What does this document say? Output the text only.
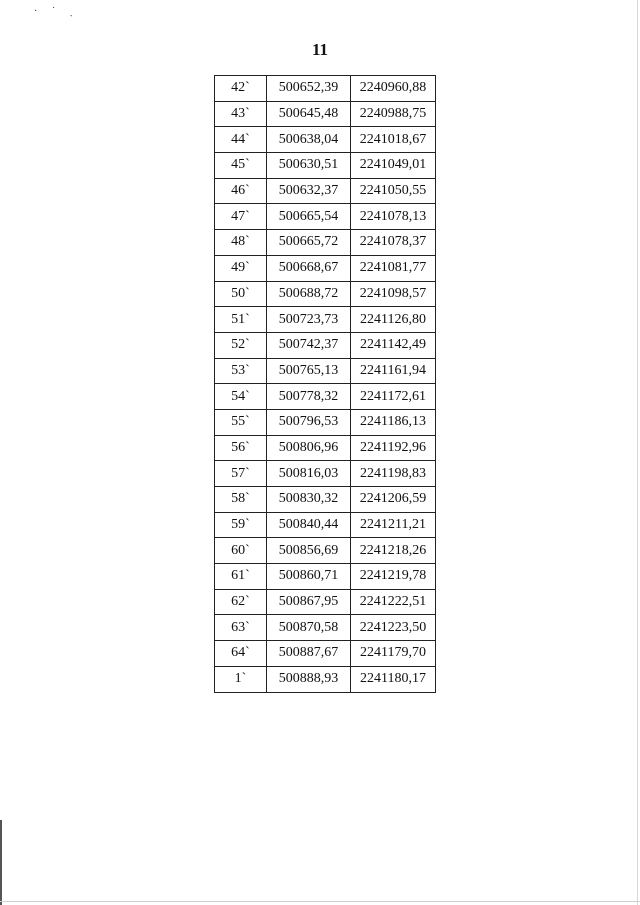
· ˙ ˎ
11
42`	500652,39	2240960,88
43`	500645,48	2240988,75
44`	500638,04	2241018,67
45`	500630,51	2241049,01
46`	500632,37	2241050,55
47`	500665,54	2241078,13
48`	500665,72	2241078,37
49`	500668,67	2241081,77
50`	500688,72	2241098,57
51`	500723,73	2241126,80
52`	500742,37	2241142,49
53`	500765,13	2241161,94
54`	500778,32	2241172,61
55`	500796,53	2241186,13
56`	500806,96	2241192,96
57`	500816,03	2241198,83
58`	500830,32	2241206,59
59`	500840,44	2241211,21
60`	500856,69	2241218,26
61`	500860,71	2241219,78
62`	500867,95	2241222,51
63`	500870,58	2241223,50
64`	500887,67	2241179,70
1`	500888,93	2241180,17
